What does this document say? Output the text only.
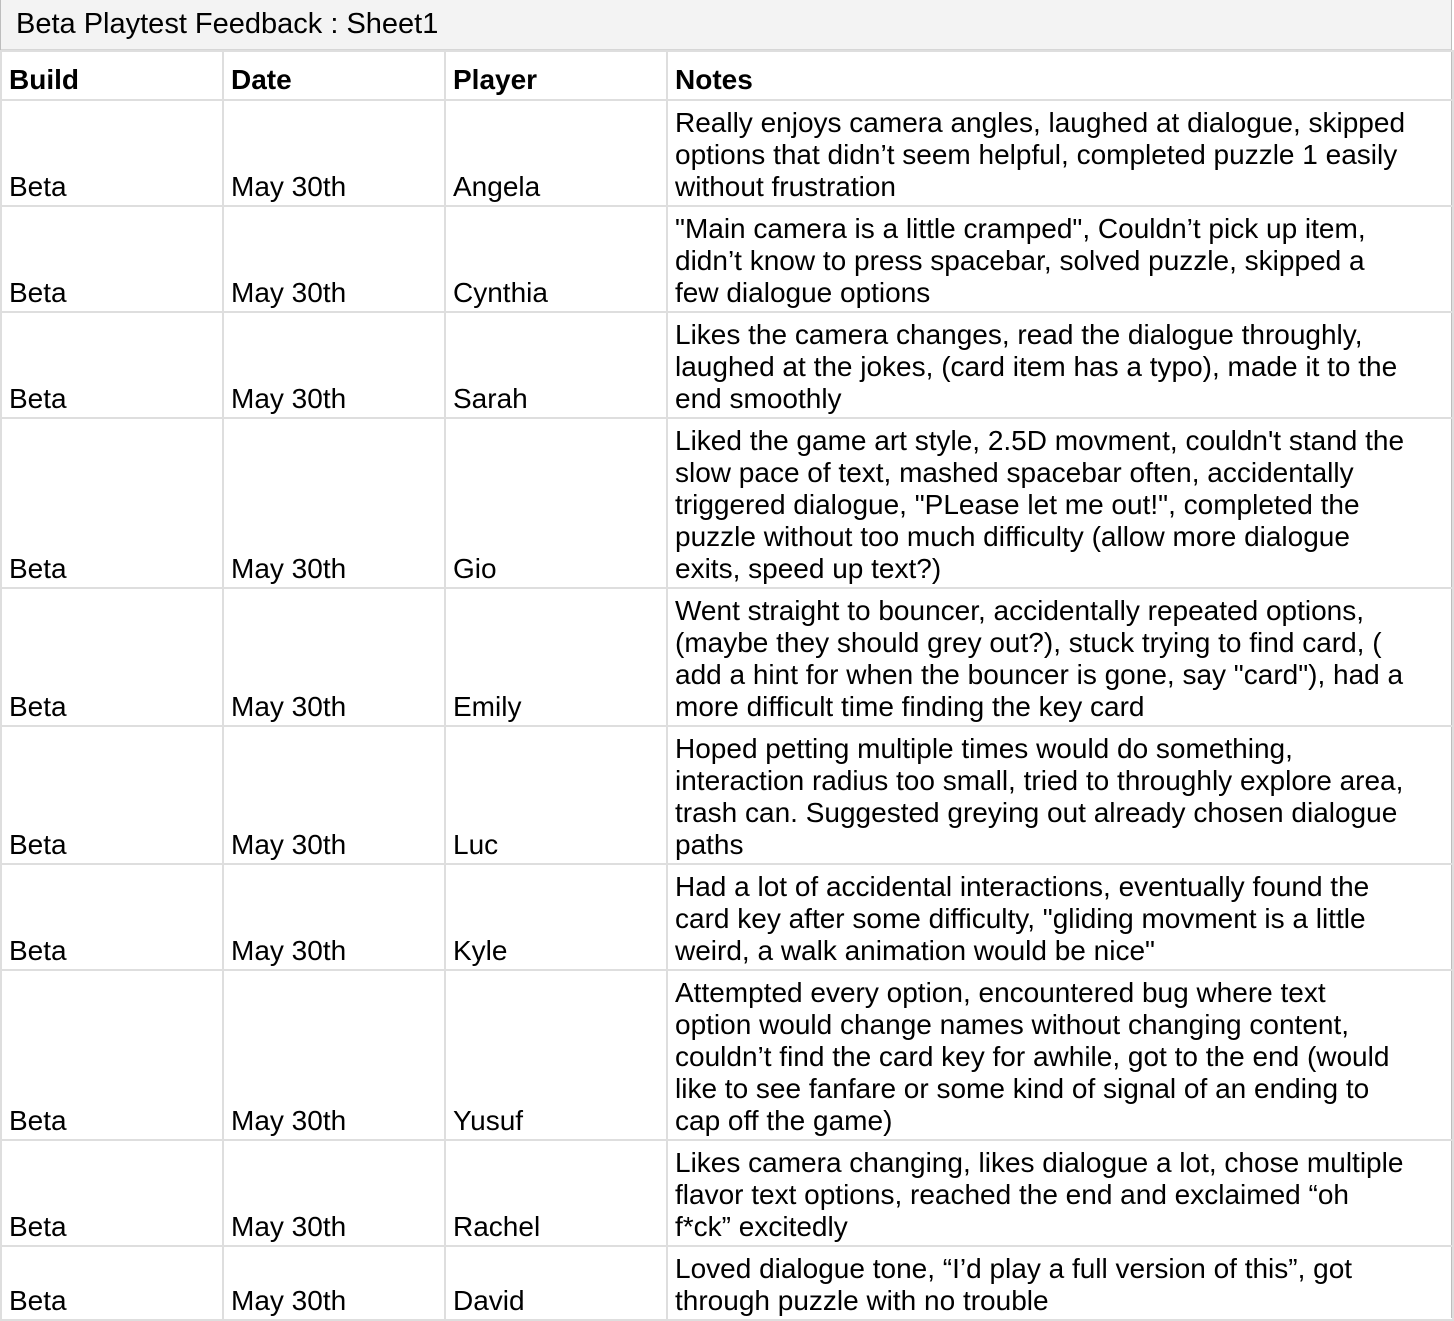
Beta Playtest Feedback : Sheet1
Build	Date	Player	Notes
Beta	May 30th	Angela	Really enjoys camera angles, laughed at dialogue, skipped
options that didn’t seem helpful, completed puzzle 1 easily
without frustration
Beta	May 30th	Cynthia	"Main camera is a little cramped", Couldn’t pick up item,
didn’t know to press spacebar, solved puzzle, skipped a
few dialogue options
Beta	May 30th	Sarah	Likes the camera changes, read the dialogue throughly,
laughed at the jokes, (card item has a typo), made it to the
end smoothly
Beta	May 30th	Gio	Liked the game art style, 2.5D movment, couldn't stand the
slow pace of text, mashed spacebar often, accidentally
triggered dialogue, "PLease let me out!", completed the
puzzle without too much difficulty (allow more dialogue
exits, speed up text?)
Beta	May 30th	Emily	Went straight to bouncer, accidentally repeated options,
(maybe they should grey out?), stuck trying to find card, (
add a hint for when the bouncer is gone, say "card"), had a
more difficult time finding the key card
Beta	May 30th	Luc	Hoped petting multiple times would do something,
interaction radius too small, tried to throughly explore area,
trash can. Suggested greying out already chosen dialogue
paths
Beta	May 30th	Kyle	Had a lot of accidental interactions, eventually found the
card key after some difficulty, "gliding movment is a little
weird, a walk animation would be nice"
Beta	May 30th	Yusuf	Attempted every option, encountered bug where text
option would change names without changing content,
couldn’t find the card key for awhile, got to the end (would
like to see fanfare or some kind of signal of an ending to
cap off the game)
Beta	May 30th	Rachel	Likes camera changing, likes dialogue a lot, chose multiple
flavor text options, reached the end and exclaimed “oh
f*ck” excitedly
Beta	May 30th	David	Loved dialogue tone, “I’d play a full version of this”, got
through puzzle with no trouble
